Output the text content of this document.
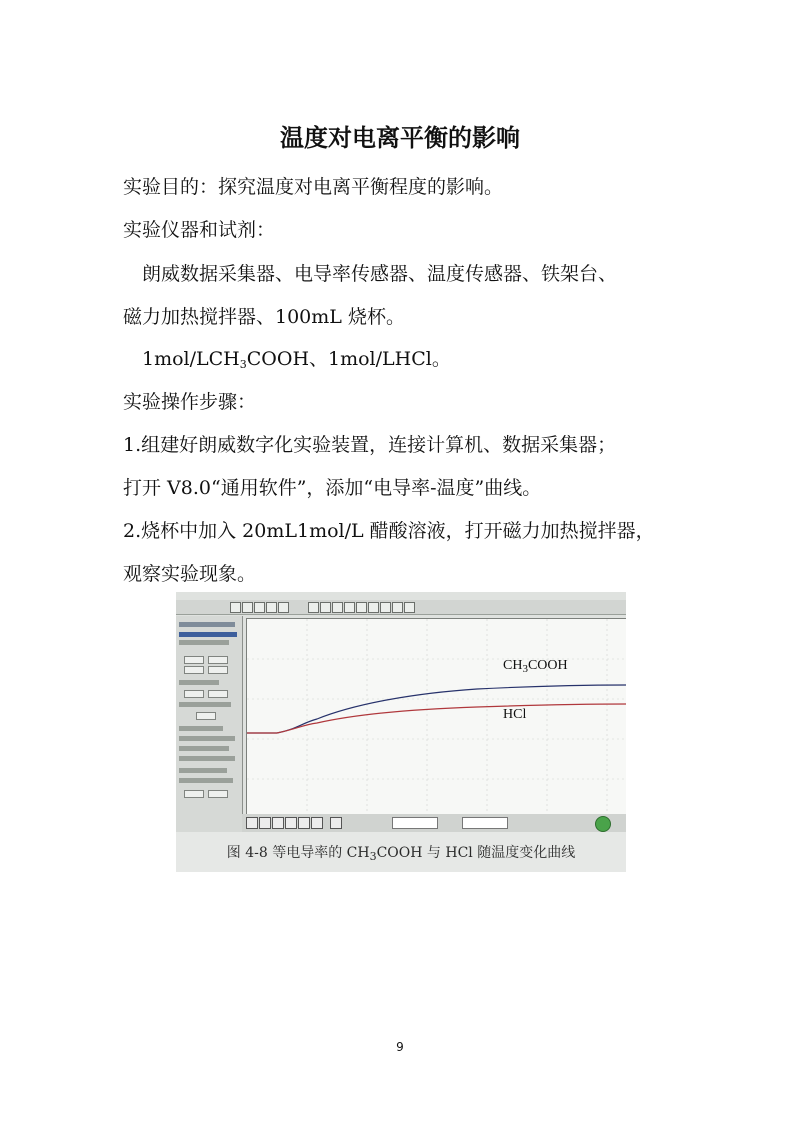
温度对电离平衡的影响
实验目的：探究温度对电离平衡程度的影响。
实验仪器和试剂：
朗威数据采集器、电导率传感器、温度传感器、铁架台、
磁力加热搅拌器、100mL 烧杯。
$1mol/LCH_3COOH$、1mol/LHCl。
实验操作步骤：
1.组建好朗威数字化实验装置，连接计算机、数据采集器；
打开 V8.0“通用软件”，添加“电导率-温度”曲线。
2.烧杯中加入 20mL1mol/L 醋酸溶液，打开磁力加热搅拌器，
观察实验现象。
$CH_3COOH$
HCl
图 4-8 等电导率的 $CH_3COOH$ 与 HCl 随温度变化曲线
9
